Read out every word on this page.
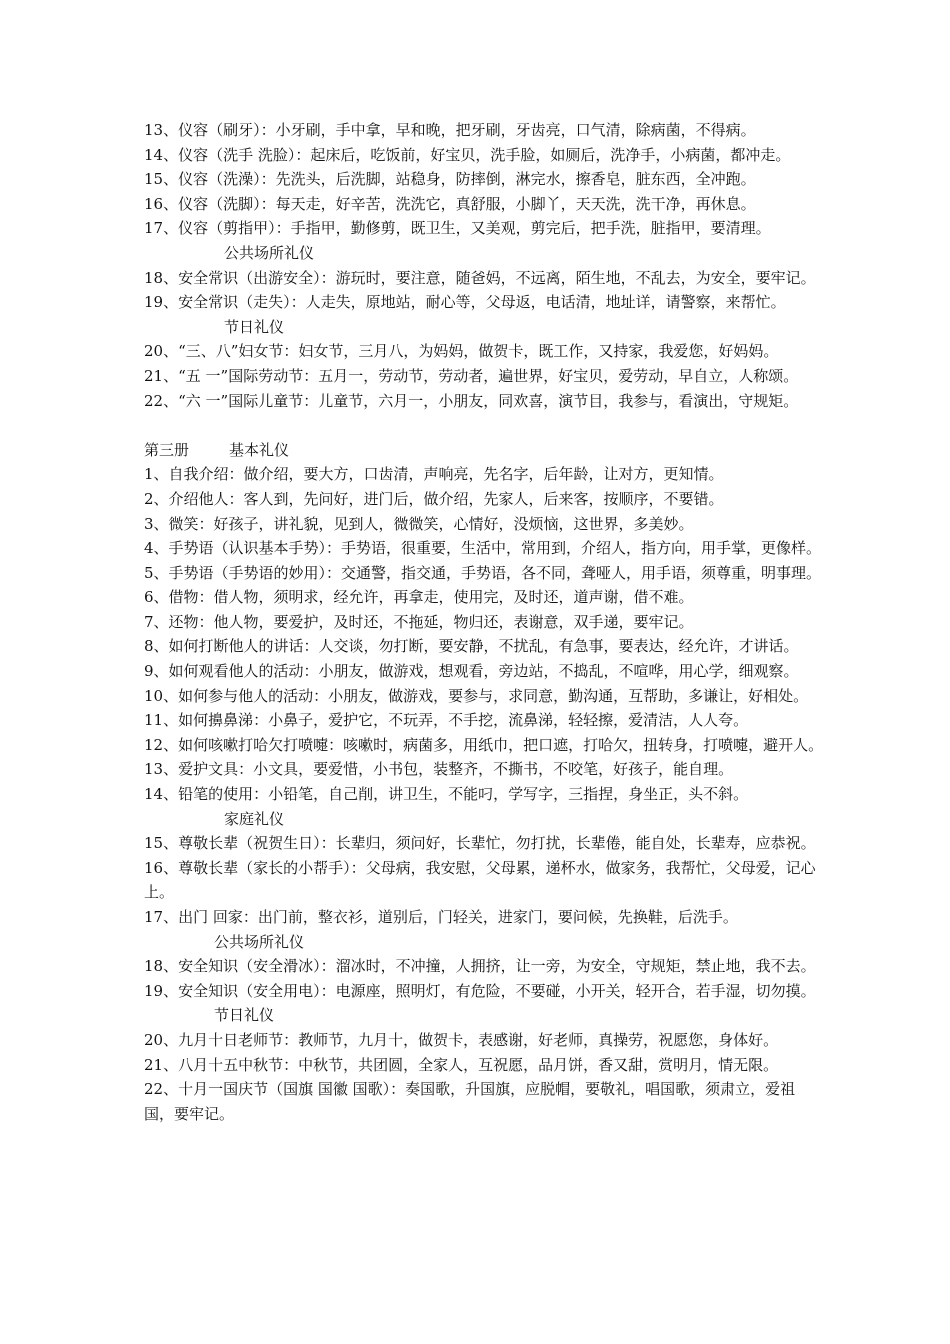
13、仪容（刷牙）：小牙刷，手中拿，早和晚，把牙刷，牙齿亮，口气清，除病菌，不得病。
14、仪容（洗手 洗脸）：起床后，吃饭前，好宝贝，洗手脸，如厕后，洗净手，小病菌，都冲走。
15、仪容（洗澡）：先洗头，后洗脚，站稳身，防摔倒，淋完水，擦香皂，脏东西，全冲跑。
16、仪容（洗脚）：每天走，好辛苦，洗洗它，真舒服，小脚丫，天天洗，洗干净，再休息。
17、仪容（剪指甲）：手指甲，勤修剪，既卫生，又美观，剪完后，把手洗，脏指甲，要清理。
公共场所礼仪
18、安全常识（出游安全）：游玩时，要注意，随爸妈，不远离，陌生地，不乱去，为安全，要牢记。
19、安全常识（走失）：人走失，原地站，耐心等，父母返，电话清，地址详，请警察，来帮忙。
节日礼仪
20、“三、八”妇女节：妇女节，三月八，为妈妈，做贺卡，既工作，又持家，我爱您，好妈妈。
21、“五 一”国际劳动节：五月一，劳动节，劳动者，遍世界，好宝贝，爱劳动，早自立，人称颂。
22、“六 一”国际儿童节：儿童节，六月一，小朋友，同欢喜，演节目，我参与，看演出，守规矩。
第三册	基本礼仪
1、自我介绍：做介绍，要大方，口齿清，声响亮，先名字，后年龄，让对方，更知情。
2、介绍他人：客人到，先问好，进门后，做介绍，先家人，后来客，按顺序，不要错。
3、微笑：好孩子，讲礼貌，见到人，微微笑，心情好，没烦恼，这世界，多美妙。
4、手势语（认识基本手势）：手势语，很重要，生活中，常用到，介绍人，指方向，用手掌，更像样。
5、手势语（手势语的妙用）：交通警，指交通，手势语，各不同，聋哑人，用手语，须尊重，明事理。
6、借物：借人物，须明求，经允许，再拿走，使用完，及时还，道声谢，借不难。
7、还物：他人物，要爱护，及时还，不拖延，物归还，表谢意，双手递，要牢记。
8、如何打断他人的讲话：人交谈，勿打断，要安静，不扰乱，有急事，要表达，经允许，才讲话。
9、如何观看他人的活动：小朋友，做游戏，想观看，旁边站，不捣乱，不喧哗，用心学，细观察。
10、如何参与他人的活动：小朋友，做游戏，要参与，求同意，勤沟通，互帮助，多谦让，好相处。
11、如何擤鼻涕：小鼻子，爱护它，不玩弄，不手挖，流鼻涕，轻轻擦，爱清洁，人人夸。
12、如何咳嗽打哈欠打喷嚏：咳嗽时，病菌多，用纸巾，把口遮，打哈欠，扭转身，打喷嚏，避开人。
13、爱护文具：小文具，要爱惜，小书包，装整齐，不撕书，不咬笔，好孩子，能自理。
14、铅笔的使用：小铅笔，自己削，讲卫生，不能叼，学写字，三指捏，身坐正，头不斜。
家庭礼仪
15、尊敬长辈（祝贺生日）：长辈归，须问好，长辈忙，勿打扰，长辈倦，能自处，长辈寿，应恭祝。
16、尊敬长辈（家长的小帮手）：父母病，我安慰，父母累，递杯水，做家务，我帮忙，父母爱，记心上。
17、出门 回家：出门前，整衣衫，道别后，门轻关，进家门，要问候，先换鞋，后洗手。
公共场所礼仪
18、安全知识（安全滑冰）：溜冰时，不冲撞，人拥挤，让一旁，为安全，守规矩，禁止地，我不去。
19、安全知识（安全用电）：电源座，照明灯，有危险，不要碰，小开关，轻开合，若手湿，切勿摸。
节日礼仪
20、九月十日老师节：教师节，九月十，做贺卡，表感谢，好老师，真操劳，祝愿您，身体好。
21、八月十五中秋节：中秋节，共团圆，全家人，互祝愿，品月饼，香又甜，赏明月，情无限。
22、十月一国庆节（国旗 国徽 国歌）：奏国歌，升国旗，应脱帽，要敬礼，唱国歌，须肃立，爱祖国，要牢记。
